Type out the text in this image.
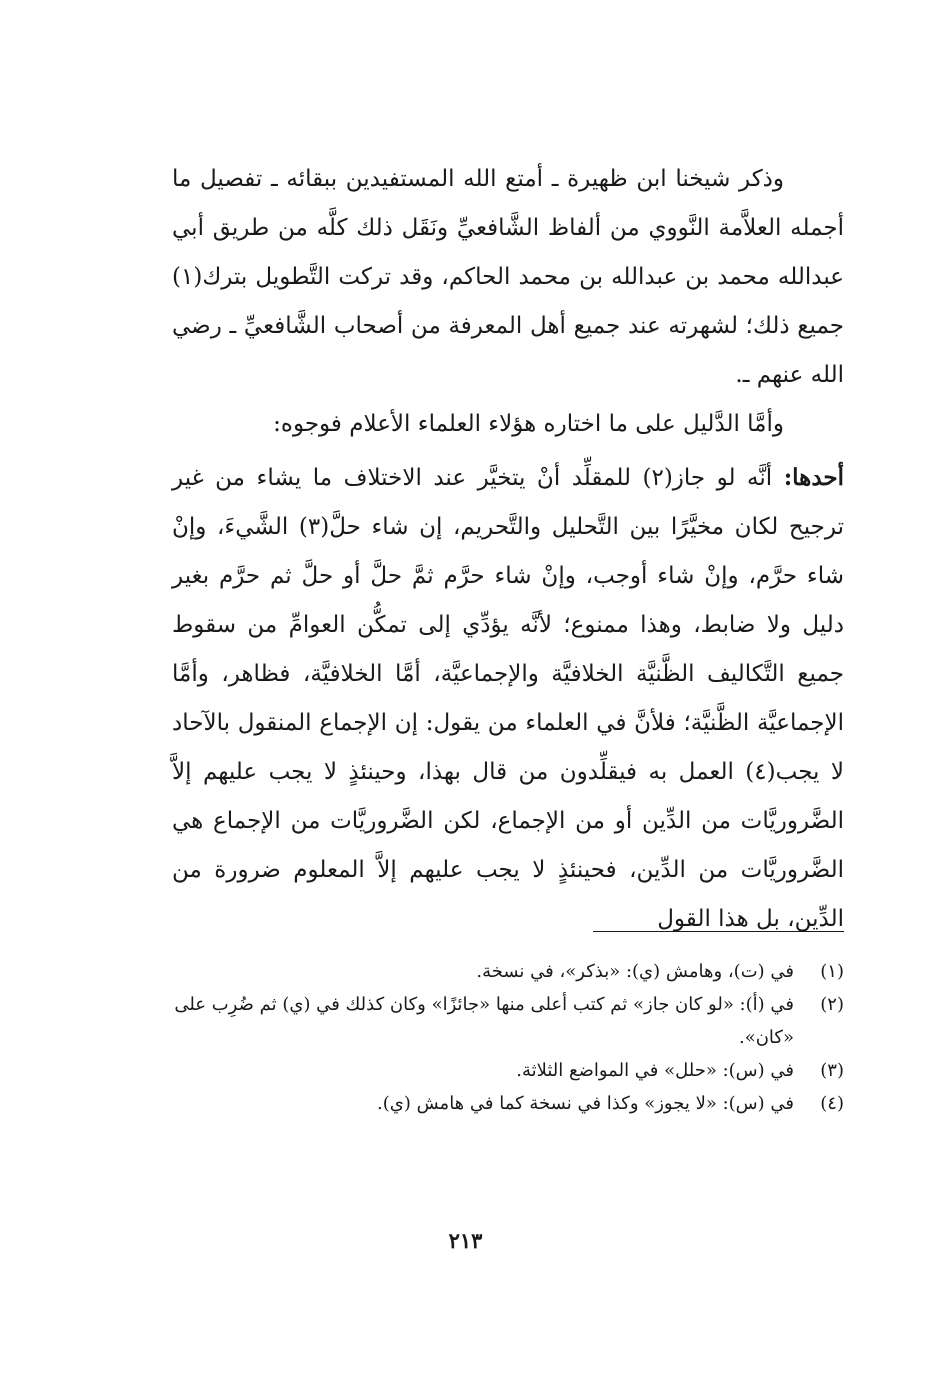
وذكر شيخنا ابن ظهيرة ـ أمتع الله المستفيدين ببقائه ـ تفصيل ما أجمله العلاَّمة النَّووي من ألفاظ الشَّافعيِّ ونَقَل ذلك كلَّه من طريق أبي عبدالله محمد بن عبدالله بن محمد الحاكم، وقد تركت التَّطويل بترك(١) جميع ذلك؛ لشهرته عند جميع أهل المعرفة من أصحاب الشَّافعيِّ ـ رضي الله عنهم ـ.

وأمَّا الدَّليل على ما اختاره هؤلاء العلماء الأعلام فوجوه:

أحدها: أنَّه لو جاز(٢) للمقلِّد أنْ يتخيَّر عند الاختلاف ما يشاء من غير ترجيح لكان مخيَّرًا بين التَّحليل والتَّحريم، إن شاء حلَّ(٣) الشَّيءَ، وإنْ شاء حرَّم، وإنْ شاء أوجب، وإنْ شاء حرَّم ثمَّ حلَّ أو حلَّ ثم حرَّم بغير دليل ولا ضابط، وهذا ممنوع؛ لأنَّه يؤدِّي إلى تمكُّن العوامِّ من سقوط جميع التَّكاليف الظَّنيَّة الخلافيَّة والإجماعيَّة، أمَّا الخلافيَّة، فظاهر، وأمَّا الإجماعيَّة الظَّنيَّة؛ فلأنَّ في العلماء من يقول: إن الإجماع المنقول بالآحاد لا يجب(٤) العمل به فيقلِّدون من قال بهذا، وحينئذٍ لا يجب عليهم إلاَّ الضَّروريَّات من الدِّين أو من الإجماع، لكن الضَّروريَّات من الإجماع هي الضَّروريَّات من الدِّين، فحينئذٍ لا يجب عليهم إلاَّ المعلوم ضرورة من الدِّين، بل هذا القول

(١)
في (ت)، وهامش (ي): «بذكر»، في نسخة.
(٢)
في (أ): «لو كان جاز» ثم كتب أعلى منها «جائزًا» وكان كذلك في (ي) ثم ضُرِب على «كان».
(٣)
في (س): «حلل» في المواضع الثلاثة.
(٤)
في (س): «لا يجوز» وكذا في نسخة كما في هامش (ي).
٢١٣
